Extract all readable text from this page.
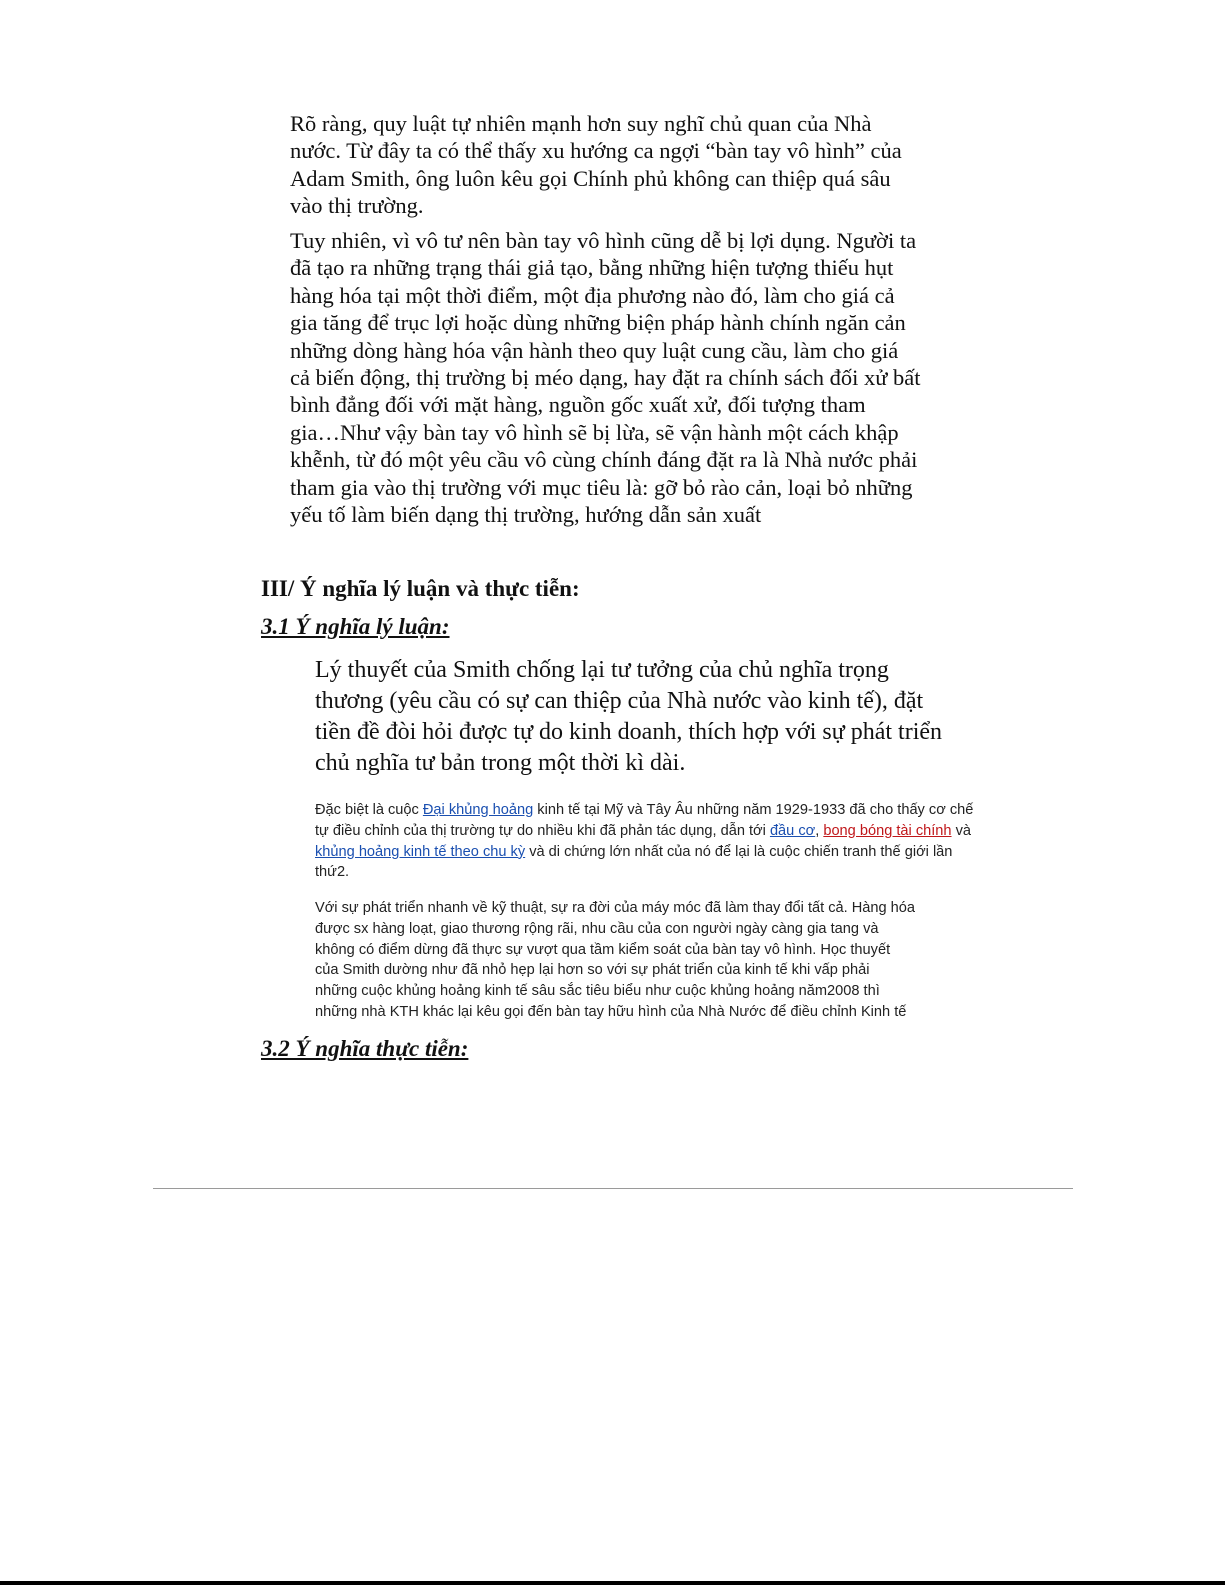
Rõ ràng, quy luật tự nhiên mạnh hơn suy nghĩ chủ quan của Nhà
nước. Từ đây ta có thể thấy xu hướng ca ngợi “bàn tay vô hình” của
Adam Smith, ông luôn kêu gọi Chính phủ không can thiệp quá sâu
vào thị trường.

Tuy nhiên, vì vô tư nên bàn tay vô hình cũng dễ bị lợi dụng. Người ta
đã tạo ra những trạng thái giả tạo, bằng những hiện tượng thiếu hụt
hàng hóa tại một thời điểm, một địa phương nào đó, làm cho giá cả
gia tăng để trục lợi hoặc dùng những biện pháp hành chính ngăn cản
những dòng hàng hóa vận hành theo quy luật cung cầu, làm cho giá
cả biến động, thị trường bị méo dạng, hay đặt ra chính sách đối xử bất
bình đẳng đối với mặt hàng, nguồn gốc xuất xử, đối tượng tham
gia…Như vậy bàn tay vô hình sẽ bị lừa, sẽ vận hành một cách khập
khễnh, từ đó một yêu cầu vô cùng chính đáng đặt ra là Nhà nước phải
tham gia vào thị trường với mục tiêu là: gỡ bỏ rào cản, loại bỏ những
yếu tố làm biến dạng thị trường, hướng dẫn sản xuất

III/ Ý nghĩa lý luận và thực tiễn:
3.1 Ý nghĩa lý luận:

Lý thuyết của Smith chống lại tư tưởng của chủ nghĩa trọng
thương (yêu cầu có sự can thiệp của Nhà nước vào kinh tế), đặt
tiền đề đòi hỏi được tự do kinh doanh, thích hợp với sự phát triển
chủ nghĩa tư bản trong một thời kì dài.

Đặc biệt là cuộc Đại khủng hoảng kinh tế tại Mỹ và Tây Âu những năm 1929-1933 đã cho thấy cơ chế tự điều chỉnh của thị trường tự do nhiều khi đã phản tác dụng, dẫn tới đầu cơ, bong bóng tài chính và khủng hoảng kinh tế theo chu kỳ và di chứng lớn nhất của nó để lại là cuộc chiến tranh thế giới lần thứ2.

Với sự phát triển nhanh về kỹ thuật, sự ra đời của máy móc đã làm thay đổi tất cả. Hàng hóa
được sx hàng loạt, giao thương rộng rãi, nhu cầu của con người ngày càng gia tang và
không có điểm dừng đã thực sự vượt qua tầm kiểm soát của bàn tay vô hình. Học thuyết
của Smith dường như đã nhỏ hẹp lại hơn so với sự phát triển của kinh tế khi vấp phải
những cuộc khủng hoảng kinh tế sâu sắc tiêu biểu như cuộc khủng hoảng năm2008 thì
những nhà KTH khác lại kêu gọi đến bàn tay hữu hình của Nhà Nước để điều chỉnh Kinh tế

3.2 Ý nghĩa thực tiễn:
